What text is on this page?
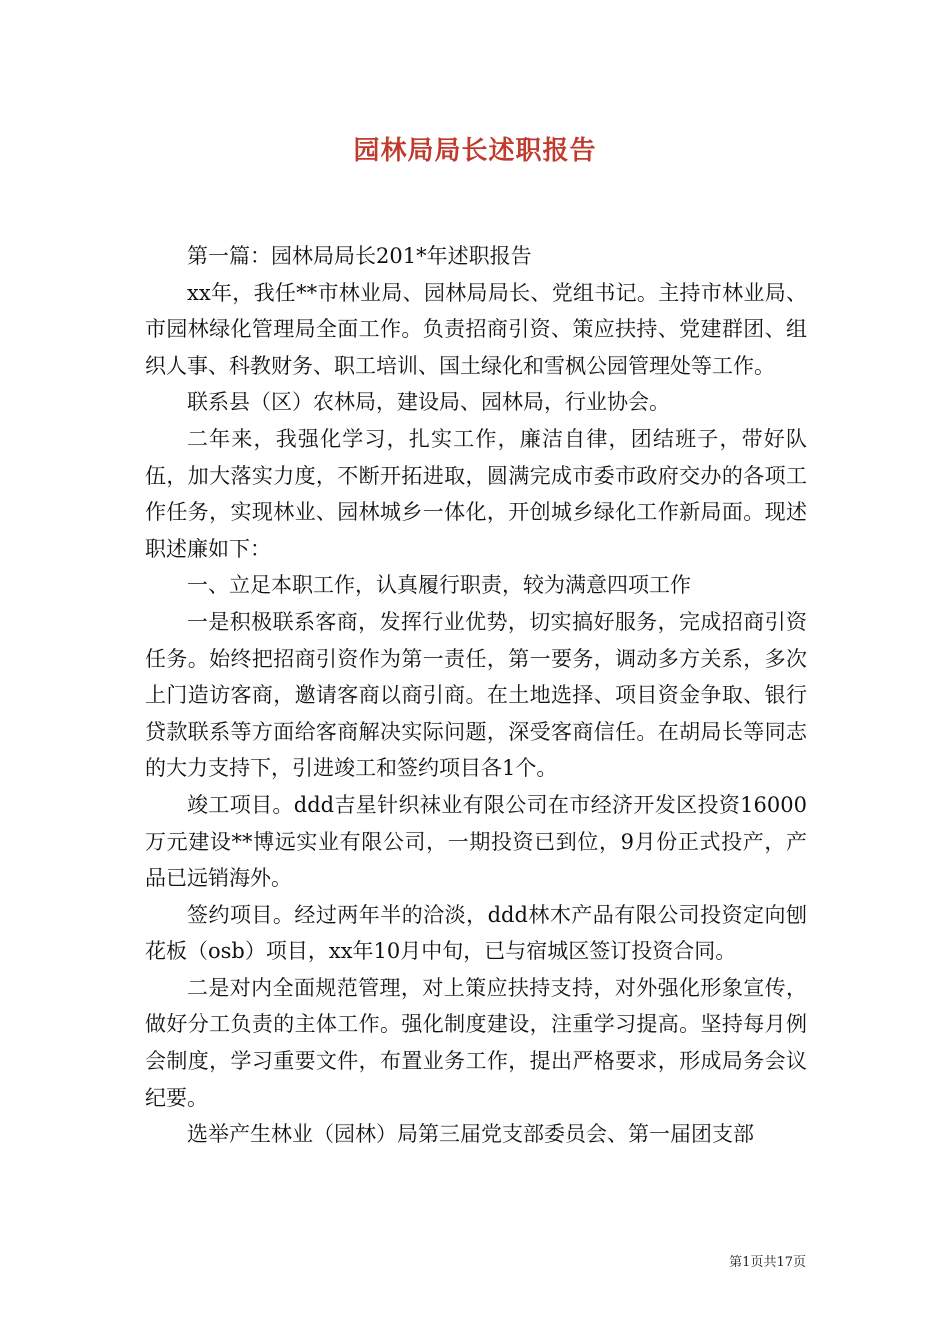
园林局局长述职报告

第一篇：园林局局长201*年述职报告

xx年，我任**市林业局、园林局局长、党组书记。主持市林业局、市园林绿化管理局全面工作。负责招商引资、策应扶持、党建群团、组织人事、科教财务、职工培训、国土绿化和雪枫公园管理处等工作。

联系县（区）农林局，建设局、园林局，行业协会。

二年来，我强化学习，扎实工作，廉洁自律，团结班子，带好队伍，加大落实力度，不断开拓进取，圆满完成市委市政府交办的各项工作任务，实现林业、园林城乡一体化，开创城乡绿化工作新局面。现述职述廉如下：

一、立足本职工作，认真履行职责，较为满意四项工作

一是积极联系客商，发挥行业优势，切实搞好服务，完成招商引资任务。始终把招商引资作为第一责任，第一要务，调动多方关系，多次上门造访客商，邀请客商以商引商。在土地选择、项目资金争取、银行贷款联系等方面给客商解决实际问题，深受客商信任。在胡局长等同志的大力支持下，引进竣工和签约项目各1个。

竣工项目。ddd吉星针织袜业有限公司在市经济开发区投资16000万元建设**博远实业有限公司，一期投资已到位，9月份正式投产，产品已远销海外。

签约项目。经过两年半的洽淡，ddd林木产品有限公司投资定向刨花板（osb）项目，xx年10月中旬，已与宿城区签订投资合同。

二是对内全面规范管理，对上策应扶持支持，对外强化形象宣传，做好分工负责的主体工作。强化制度建设，注重学习提高。坚持每月例会制度，学习重要文件，布置业务工作，提出严格要求，形成局务会议纪要。

选举产生林业（园林）局第三届党支部委员会、第一届团支部

第1页共17页
